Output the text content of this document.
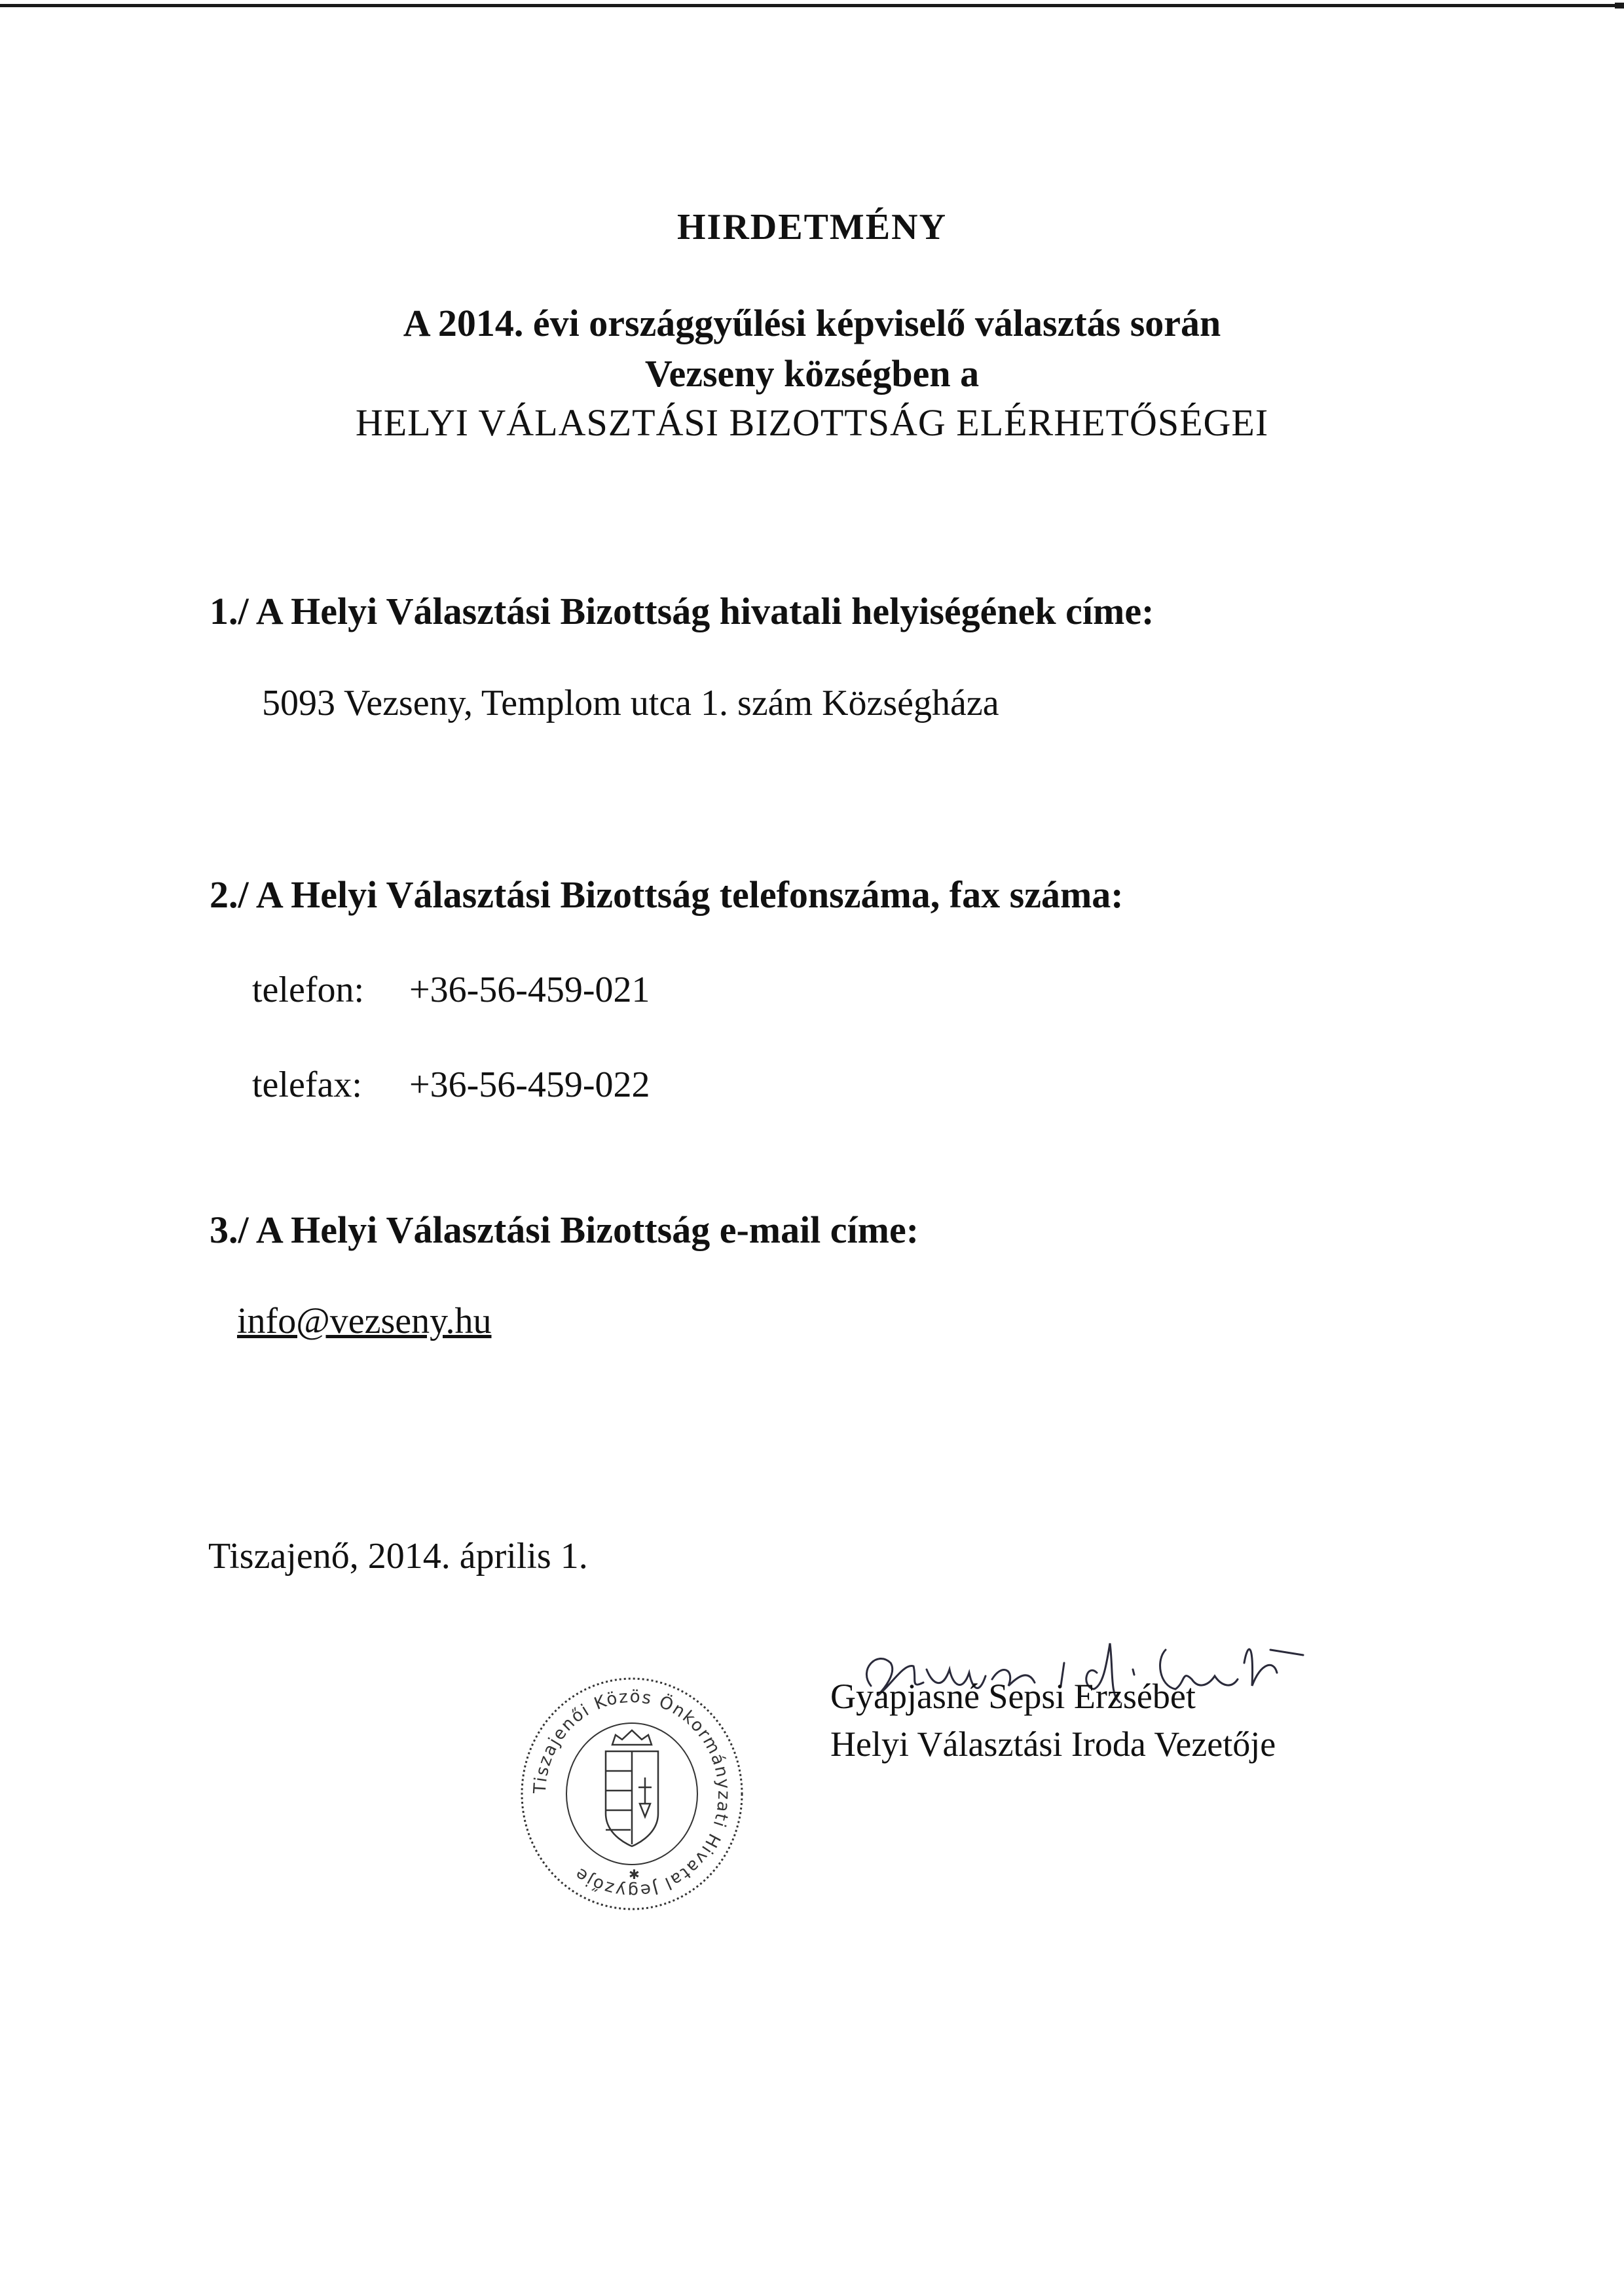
HIRDETMÉNY
A 2014. évi országgyűlési képviselő választás során
Vezseny községben a
HELYI VÁLASZTÁSI BIZOTTSÁG ELÉRHETŐSÉGEI
1./ A Helyi Választási Bizottság hivatali helyiségének címe:
5093 Vezseny, Templom utca 1. szám Községháza
2./ A Helyi Választási Bizottság telefonszáma, fax száma:
telefon: +36-56-459-021
telefax: +36-56-459-022
3./ A Helyi Választási Bizottság e-mail címe:
info@vezseny.hu
Tiszajenő, 2014. április 1.
Gyapjasné Sepsi Erzsébet
Helyi Választási Iroda Vezetője
Tiszajenői Közös Önkormányzati Hivatal Jegyzője	✱
